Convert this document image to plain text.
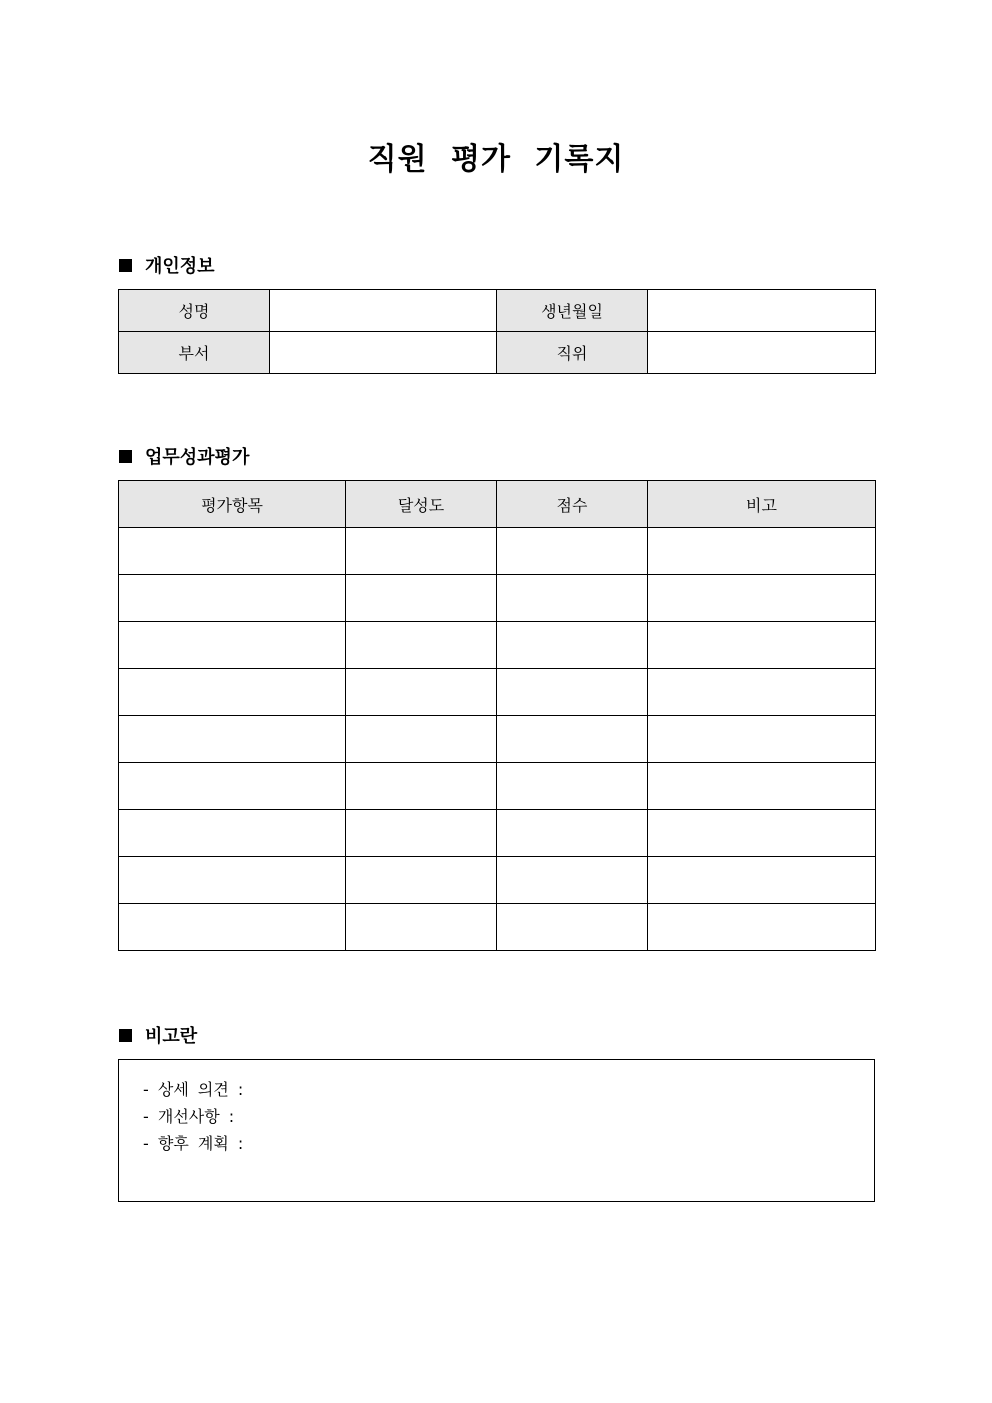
직원 평가 기록지
개인정보
성명		생년월일	
부서		직위	
업무성과평가
평가항목	달성도	점수	비고

비고란
- 상세 의견 :
- 개선사항 :
- 향후 계획 :
